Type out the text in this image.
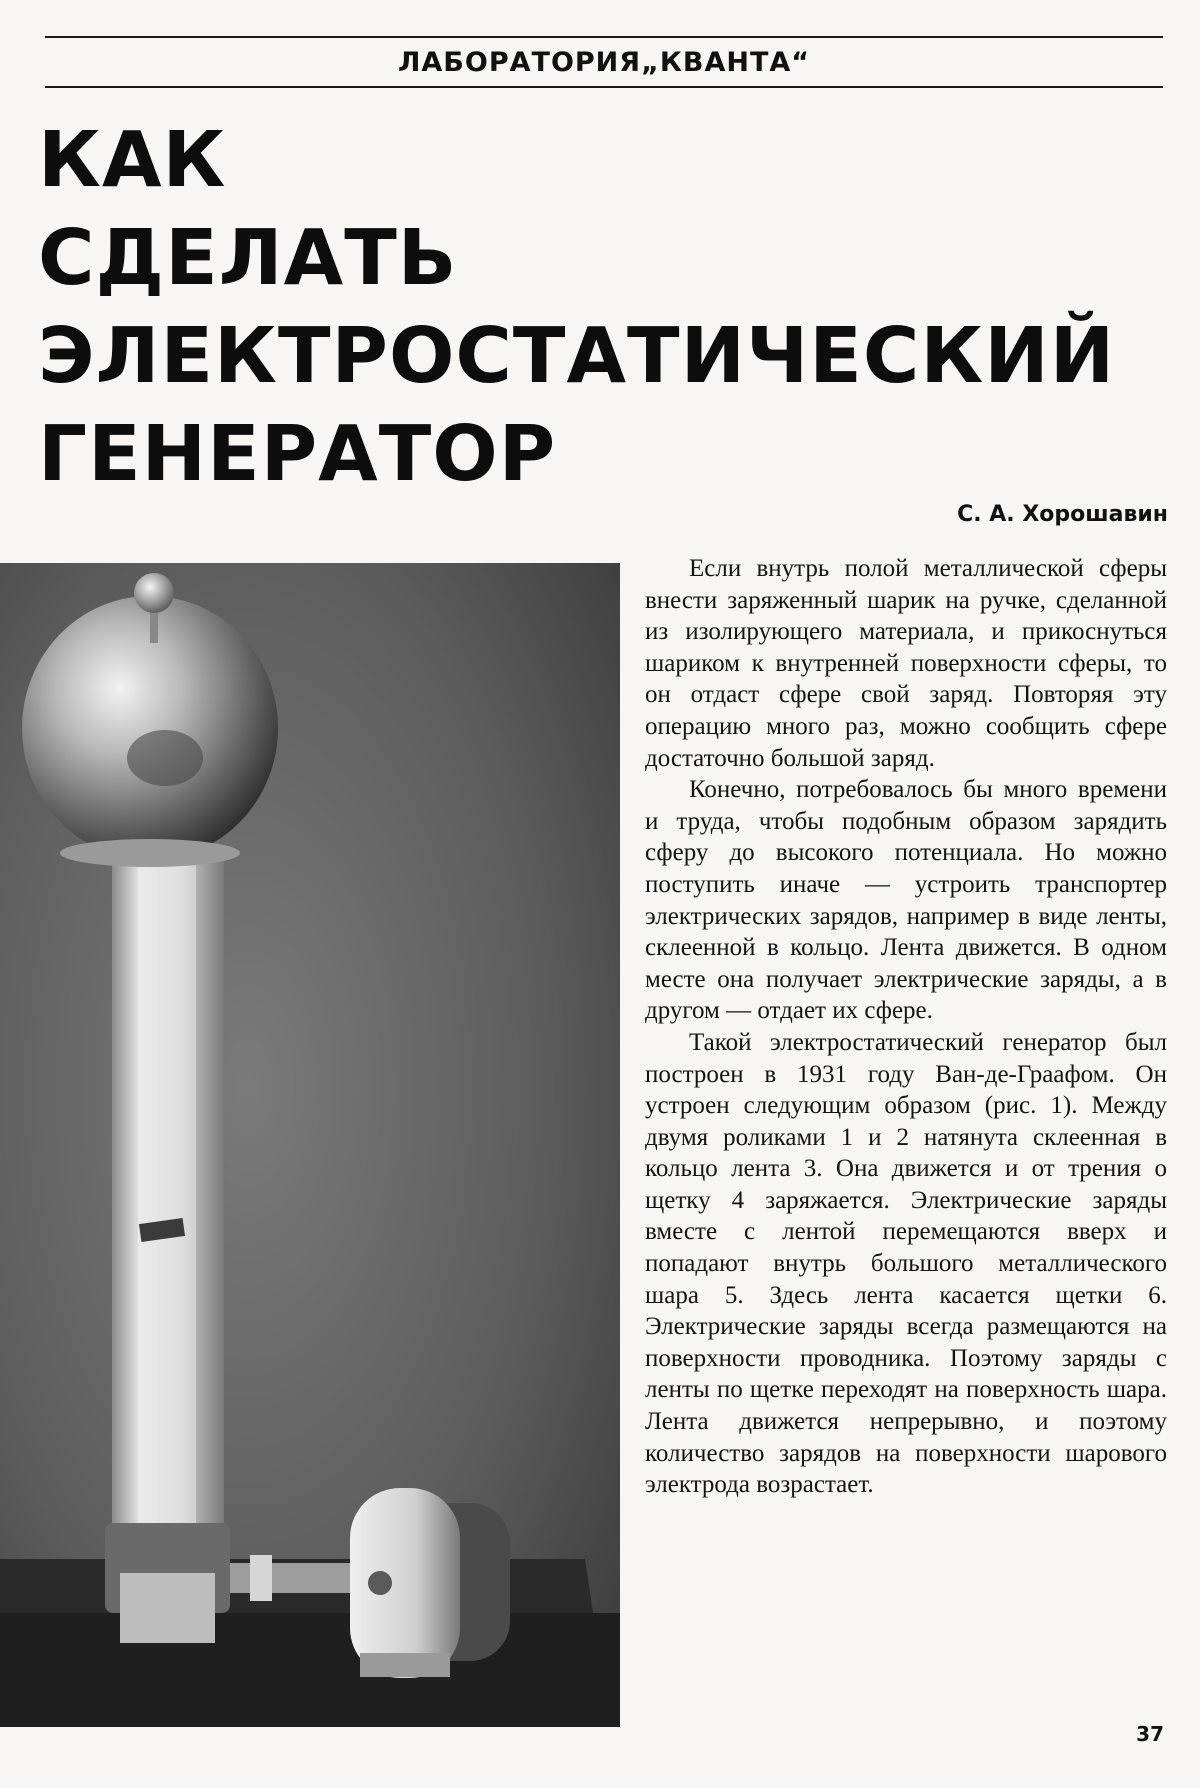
ЛАБОРАТОРИЯ„КВАНТА“
КАК
СДЕЛАТЬ
ЭЛЕКТРОСТАТИЧЕСКИЙ
ГЕНЕРАТОР
С. А. Хорошавин

Если внутрь полой металлической сферы внести заряженный шарик на ручке, сделанной из изолирующего материала, и прикоснуться шариком к внутренней поверхности сферы, то он отдаст сфере свой заряд. Повторяя эту операцию много раз, можно сообщить сфере достаточно большой заряд.

Конечно, потребовалось бы много времени и труда, чтобы подобным образом зарядить сферу до высокого потенциала. Но можно поступить иначе — устроить транспортер электрических зарядов, например в виде ленты, склеенной в кольцо. Лента движется. В одном месте она получает электрические заряды, а в другом — отдает их сфере.

Такой электростатический генератор был построен в 1931 году Ван-де-Граафом. Он устроен следующим образом (рис. 1). Между двумя роликами 1 и 2 натянута склеенная в кольцо лента 3. Она движется и от трения о щетку 4 заряжается. Электрические заряды вместе с лентой перемещаются вверх и попадают внутрь большого металлического шара 5. Здесь лента касается щетки 6. Электрические заряды всегда размещаются на поверхности проводника. Поэтому заряды с ленты по щетке переходят на поверхность шара. Лента движется непрерывно, и поэтому количество зарядов на поверхности шарового электрода возрастает.

37
